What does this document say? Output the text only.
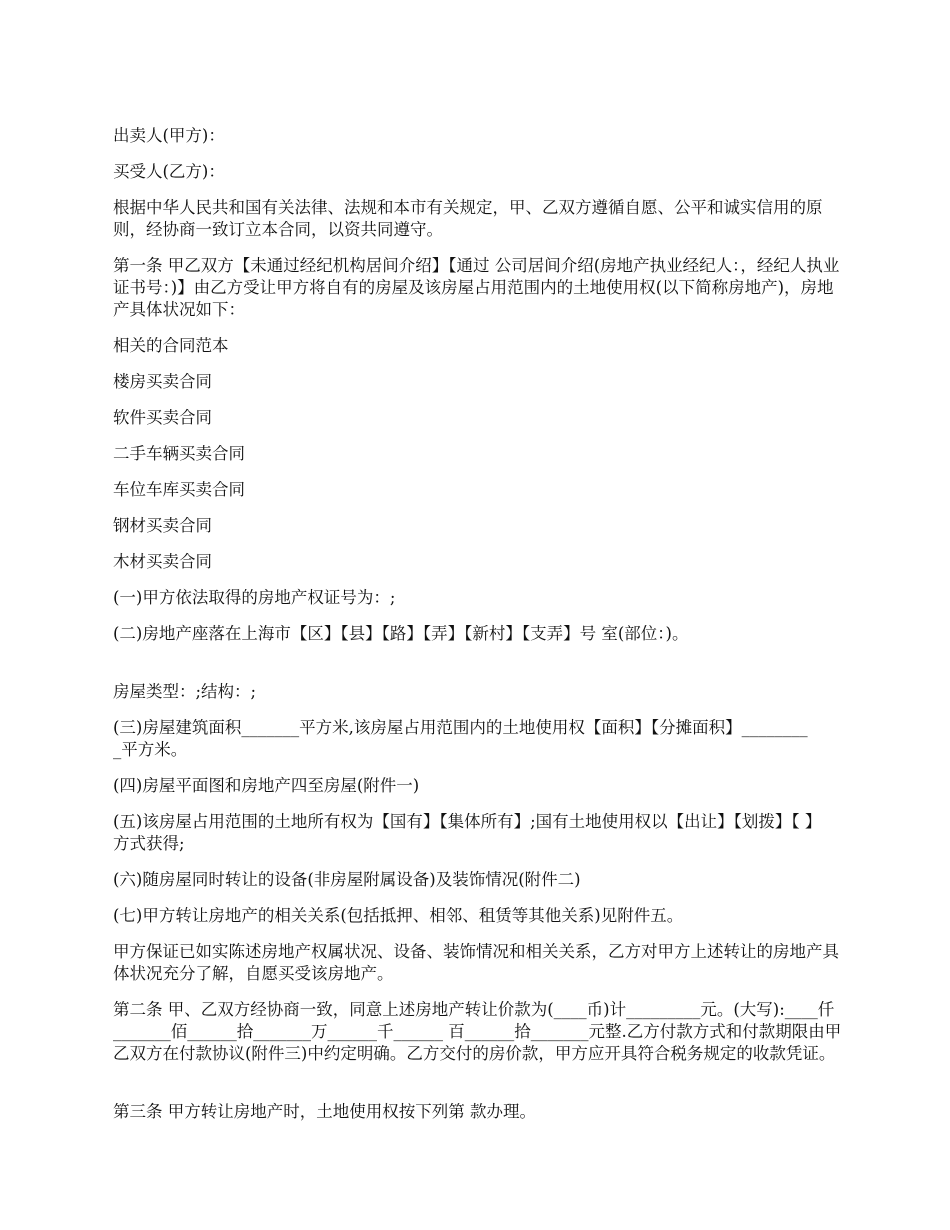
出卖人(甲方)：

买受人(乙方)：

根据中华人民共和国有关法律、法规和本市有关规定，甲、乙双方遵循自愿、公平和诚实信用的原则，经协商一致订立本合同，以资共同遵守。

第一条 甲乙双方【未通过经纪机构居间介绍】【通过 公司居间介绍(房地产执业经纪人：，经纪人执业证书号：)】由乙方受让甲方将自有的房屋及该房屋占用范围内的土地使用权(以下简称房地产)，房地产具体状况如下：

相关的合同范本

楼房买卖合同

软件买卖合同

二手车辆买卖合同

车位车库买卖合同

钢材买卖合同

木材买卖合同

(一)甲方依法取得的房地产权证号为：;

(二)房地产座落在上海市【区】【县】【路】【弄】【新村】【支弄】号 室(部位：)。

房屋类型：;结构：;

(三)房屋建筑面积_______平方米,该房屋占用范围内的土地使用权【面积】【分摊面积】_________平方米。

(四)房屋平面图和房地产四至房屋(附件一)

(五)该房屋占用范围的土地所有权为【国有】【集体所有】;国有土地使用权以【出让】【划拨】【 】方式获得;

(六)随房屋同时转让的设备(非房屋附属设备)及装饰情况(附件二)

(七)甲方转让房地产的相关关系(包括抵押、相邻、租赁等其他关系)见附件五。

甲方保证已如实陈述房地产权属状况、设备、装饰情况和相关关系，乙方对甲方上述转让的房地产具体状况充分了解，自愿买受该房地产。

第二条 甲、乙双方经协商一致，同意上述房地产转让价款为(____币)计_________元。(大写):____仟 _______佰______拾_______万______千______ 百______拾_______元整.乙方付款方式和付款期限由甲乙双方在付款协议(附件三)中约定明确。乙方交付的房价款，甲方应开具符合税务规定的收款凭证。

第三条 甲方转让房地产时，土地使用权按下列第 款办理。
